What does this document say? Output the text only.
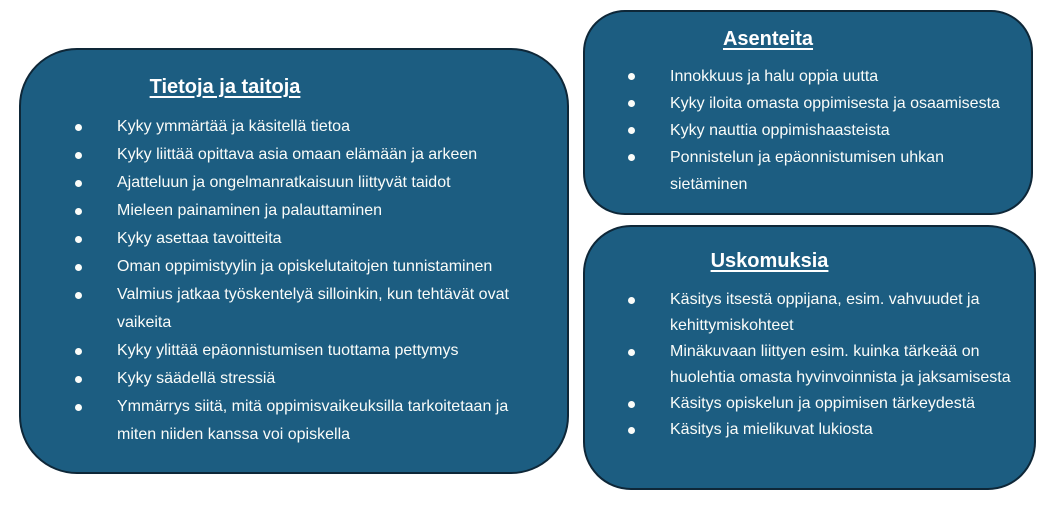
Tietoja ja taitoja
Kyky ymmärtää ja käsitellä tietoa
Kyky liittää opittava asia omaan elämään ja arkeen
Ajatteluun ja ongelmanratkaisuun liittyvät taidot
Mieleen painaminen ja palauttaminen
Kyky asettaa tavoitteita
Oman oppimistyylin ja opiskelutaitojen tunnistaminen
Valmius jatkaa työskentelyä silloinkin, kun tehtävät ovat vaikeita
Kyky ylittää epäonnistumisen tuottama pettymys
Kyky säädellä stressiä
Ymmärrys siitä, mitä oppimisvaikeuksilla tarkoitetaan ja miten niiden kanssa voi opiskella
Asenteita
Innokkuus ja halu oppia uutta
Kyky iloita omasta oppimisesta ja osaamisesta
Kyky nauttia oppimishaasteista
Ponnistelun ja epäonnistumisen uhkan sietäminen
Uskomuksia
Käsitys itsestä oppijana, esim. vahvuudet ja kehittymiskohteet
Minäkuvaan liittyen esim. kuinka tärkeää on huolehtia omasta hyvinvoinnista ja jaksamisesta
Käsitys opiskelun ja oppimisen tärkeydestä
Käsitys ja mielikuvat lukiosta
